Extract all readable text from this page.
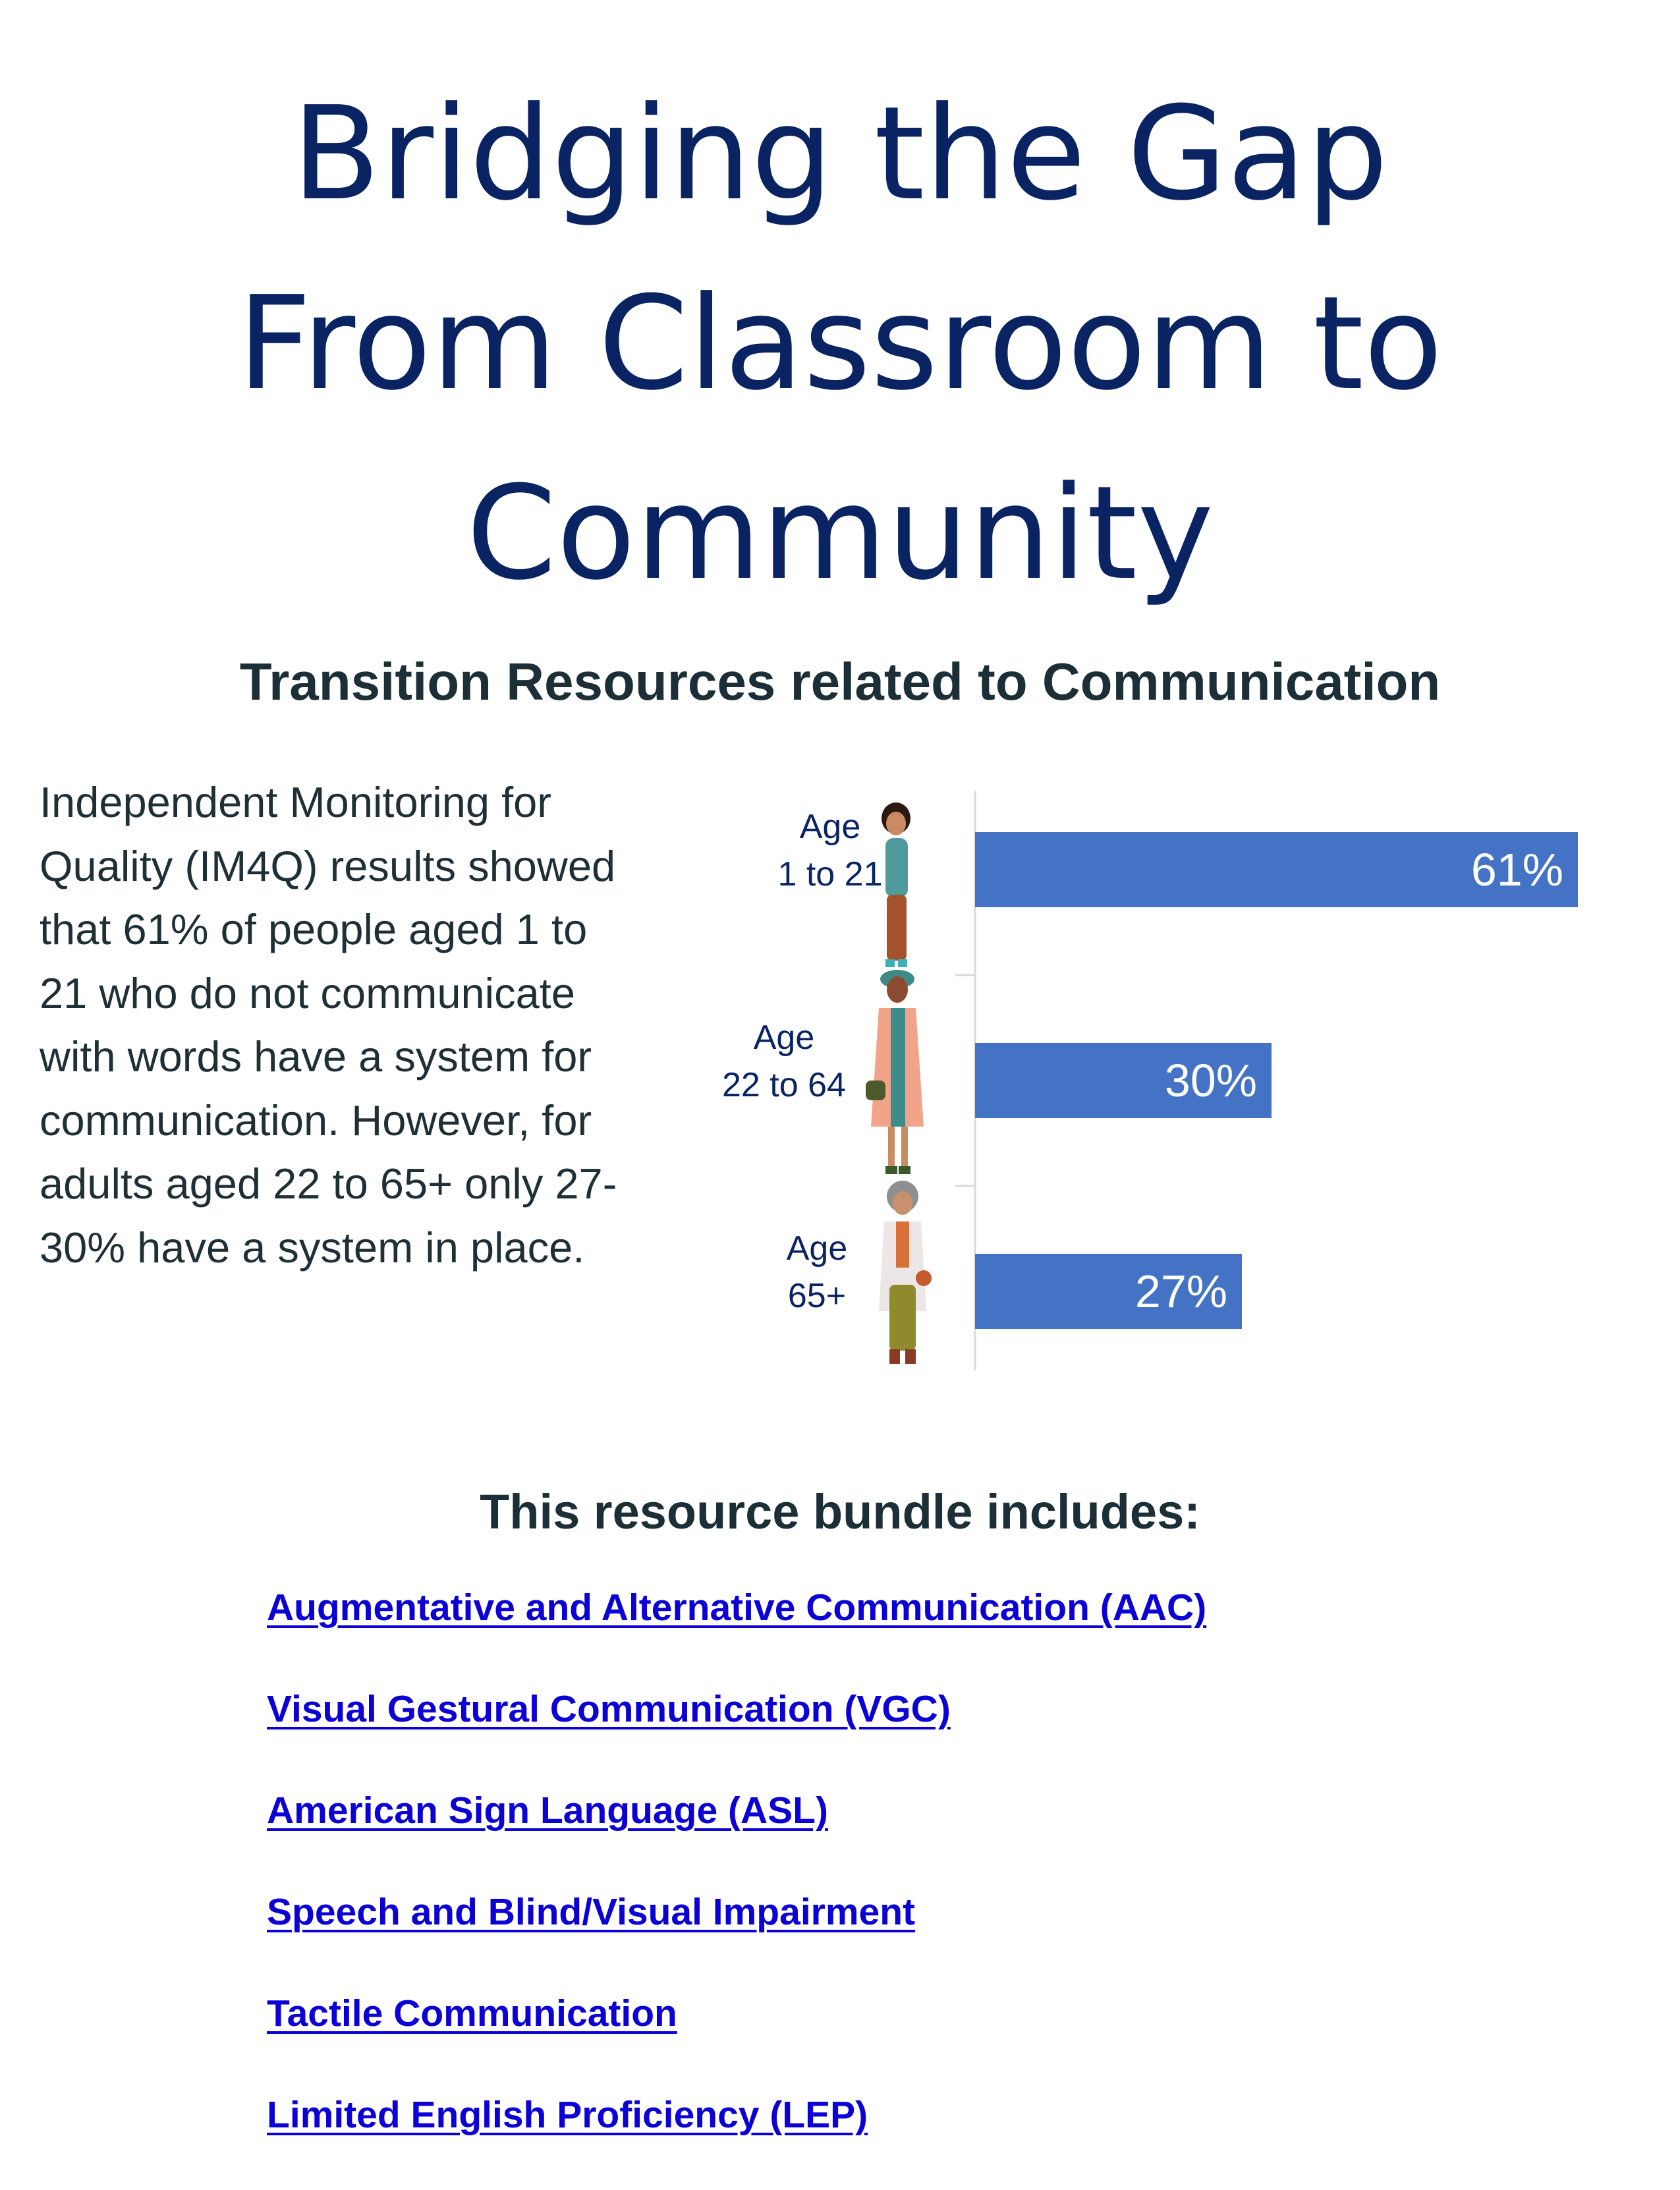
Bridging the Gap
From Classroom to
Community
Transition Resources related to Communication

Independent Monitoring for Quality (IM4Q) results showed that 61% of people aged 1 to 21 who do not communicate with words have a system for communication. However, for adults aged 22 to 65+ only 27-30% have a system in place.

Age 1 to 21
Age 22 to 64
Age 65+
61%
30%
27%
This resource bundle includes:
Augmentative and Alternative Communication (AAC)
Visual Gestural Communication (VGC)
American Sign Language (ASL)
Speech and Blind/Visual Impairment
Tactile Communication
Limited English Proficiency (LEP)
